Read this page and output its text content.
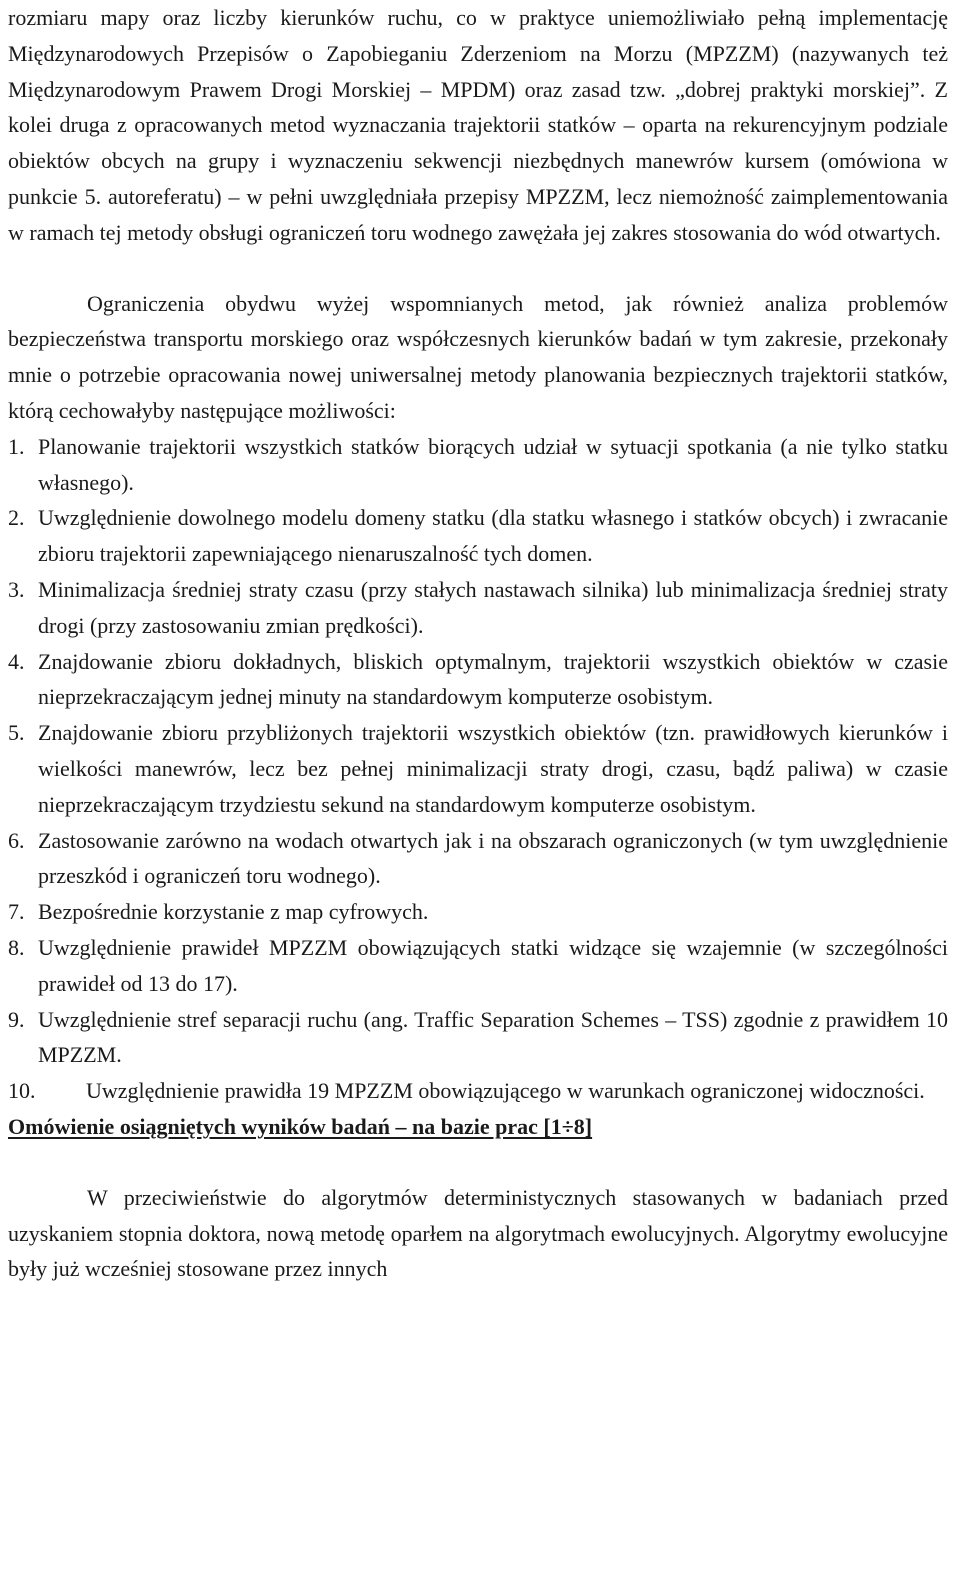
rozmiaru mapy oraz liczby kierunków ruchu, co w praktyce uniemożliwiało pełną implementację Międzynarodowych Przepisów o Zapobieganiu Zderzeniom na Morzu (MPZZM) (nazywanych też Międzynarodowym Prawem Drogi Morskiej – MPDM) oraz zasad tzw. „dobrej praktyki morskiej”. Z kolei druga z opracowanych metod wyznaczania trajektorii statków – oparta na rekurencyjnym podziale obiektów obcych na grupy i wyznaczeniu sekwencji niezbędnych manewrów kursem (omówiona w punkcie 5. autoreferatu) – w pełni uwzględniała przepisy MPZZM, lecz niemożność zaimplementowania w ramach tej metody obsługi ograniczeń toru wodnego zawężała jej zakres stosowania do wód otwartych.

Ograniczenia obydwu wyżej wspomnianych metod, jak również analiza problemów bezpieczeństwa transportu morskiego oraz współczesnych kierunków badań w tym zakresie, przekonały mnie o potrzebie opracowania nowej uniwersalnej metody planowania bezpiecznych trajektorii statków, którą cechowałyby następujące możliwości:

1. Planowanie trajektorii wszystkich statków biorących udział w sytuacji spotkania (a nie tylko statku własnego).
2. Uwzględnienie dowolnego modelu domeny statku (dla statku własnego i statków obcych) i zwracanie zbioru trajektorii zapewniającego nienaruszalność tych domen.
3. Minimalizacja średniej straty czasu (przy stałych nastawach silnika) lub minimalizacja średniej straty drogi (przy zastosowaniu zmian prędkości).
4. Znajdowanie zbioru dokładnych, bliskich optymalnym, trajektorii wszystkich obiektów w czasie nieprzekraczającym jednej minuty na standardowym komputerze osobistym.
5. Znajdowanie zbioru przybliżonych trajektorii wszystkich obiektów (tzn. prawidłowych kierunków i wielkości manewrów, lecz bez pełnej minimalizacji straty drogi, czasu, bądź paliwa) w czasie nieprzekraczającym trzydziestu sekund na standardowym komputerze osobistym.
6. Zastosowanie zarówno na wodach otwartych jak i na obszarach ograniczonych (w tym uwzględnienie przeszkód i ograniczeń toru wodnego).
7. Bezpośrednie korzystanie z map cyfrowych.
8. Uwzględnienie prawideł MPZZM obowiązujących statki widzące się wzajemnie (w szczególności prawideł od 13 do 17).
9. Uwzględnienie stref separacji ruchu (ang. Traffic Separation Schemes – TSS) zgodnie z prawidłem 10 MPZZM.
10.	Uwzględnienie prawidła 19 MPZZM obowiązującego w warunkach ograniczonej widoczności.
Omówienie osiągniętych wyników badań – na bazie prac [1÷8]

W przeciwieństwie do algorytmów deterministycznych stasowanych w badaniach przed uzyskaniem stopnia doktora, nową metodę oparłem na algorytmach ewolucyjnych. Algorytmy ewolucyjne były już wcześniej stosowane przez innych
